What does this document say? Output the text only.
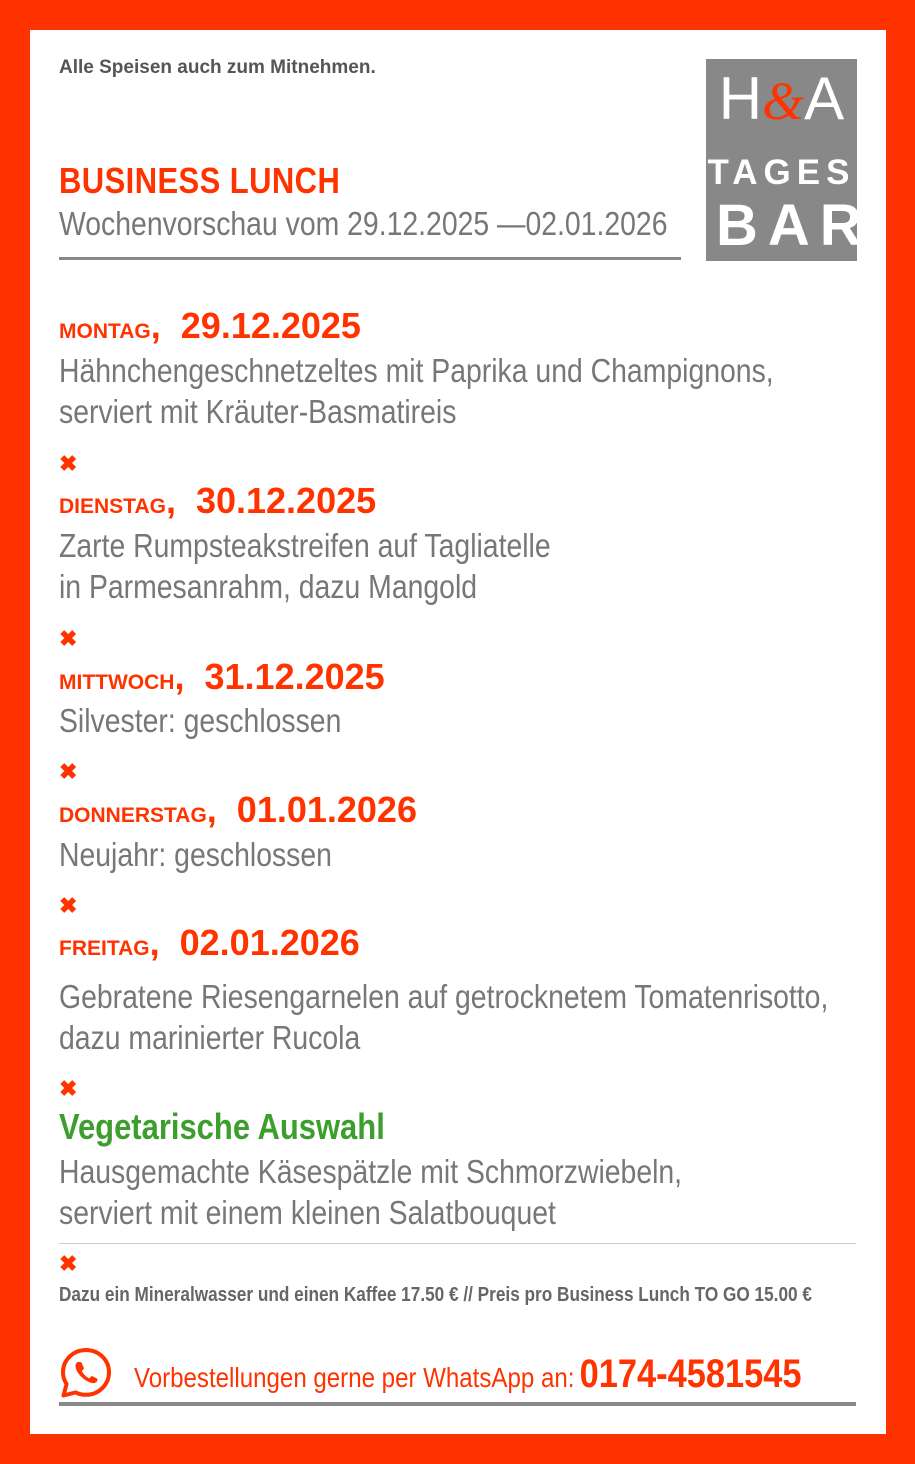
Alle Speisen auch zum Mitnehmen.
BUSINESS LUNCH
Wochenvorschau vom 29.12.2025 —02.01.2026
H&A
TAGES
BAR
MONTAG, 29.12.2025
Hähnchengeschnetzeltes mit Paprika und Champignons,
serviert mit Kräuter-Basmatireis
✖
DIENSTAG, 30.12.2025
Zarte Rumpsteakstreifen auf Tagliatelle
in Parmesanrahm, dazu Mangold
✖
MITTWOCH, 31.12.2025
Silvester: geschlossen
✖
DONNERSTAG, 01.01.2026
Neujahr: geschlossen
✖
FREITAG, 02.01.2026
Gebratene Riesengarnelen auf getrocknetem Tomatenrisotto,
dazu marinierter Rucola
✖
Vegetarische Auswahl
Hausgemachte Käsespätzle mit Schmorzwiebeln,
serviert mit einem kleinen Salatbouquet
✖
Dazu ein Mineralwasser und einen Kaffee 17.50 € // Preis pro Business Lunch TO GO 15.00 €
Vorbestellungen gerne per WhatsApp an: 0174-4581545
